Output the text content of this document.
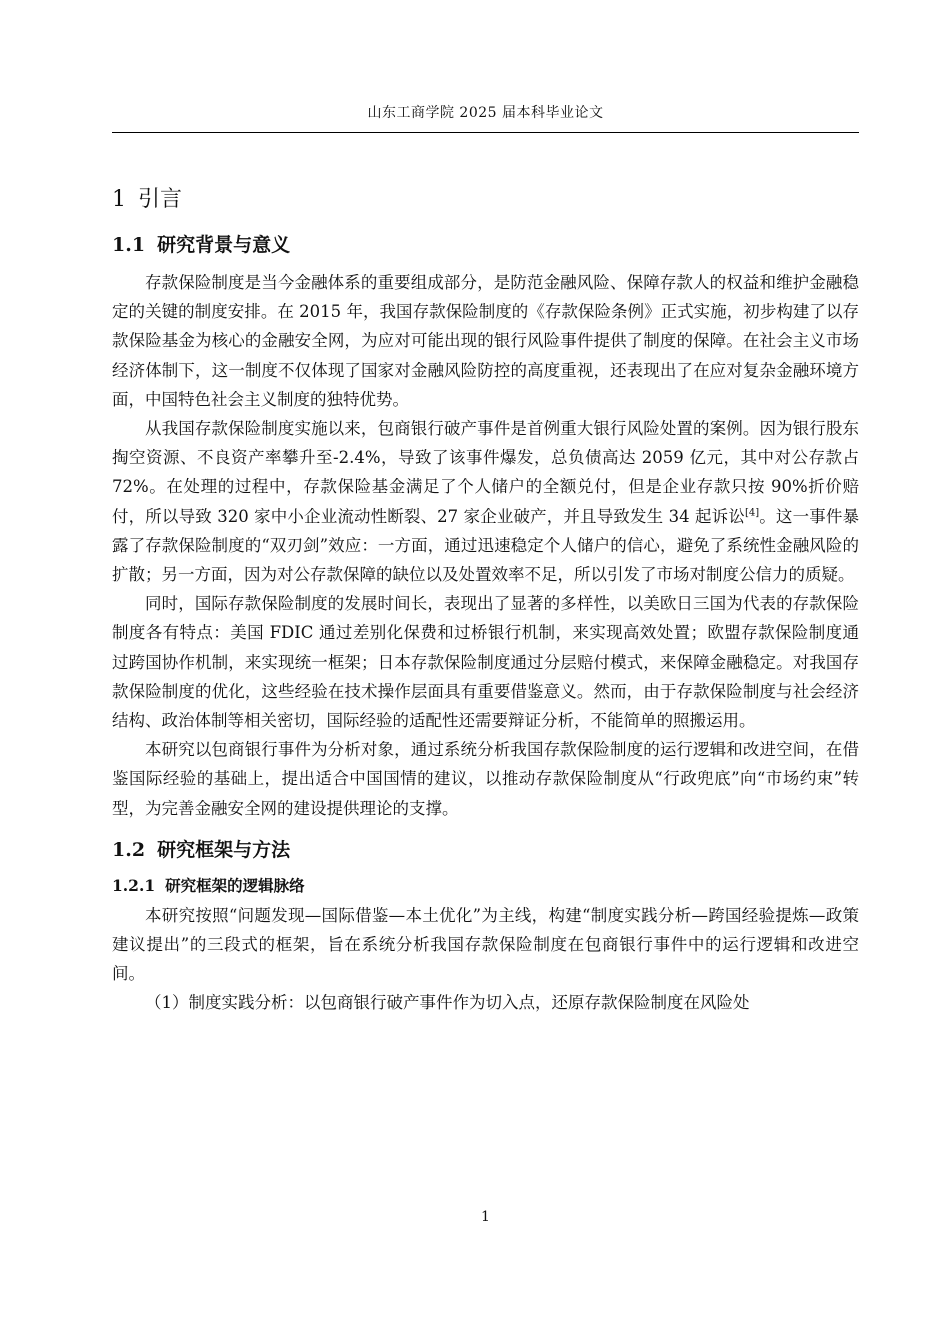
山东工商学院 2025 届本科毕业论文
1 引言
1.1 研究背景与意义

存款保险制度是当今金融体系的重要组成部分，是防范金融风险、保障存款人的权益和维护金融稳定的关键的制度安排。在 2015 年，我国存款保险制度的《存款保险条例》正式实施，初步构建了以存款保险基金为核心的金融安全网，为应对可能出现的银行风险事件提供了制度的保障。在社会主义市场经济体制下，这一制度不仅体现了国家对金融风险防控的高度重视，还表现出了在应对复杂金融环境方面，中国特色社会主义制度的独特优势。

从我国存款保险制度实施以来，包商银行破产事件是首例重大银行风险处置的案例。因为银行股东掏空资源、不良资产率攀升至-2.4%，导致了该事件爆发，总负债高达 2059 亿元，其中对公存款占 72%。在处理的过程中，存款保险基金满足了个人储户的全额兑付，但是企业存款只按 90%折价赔付，所以导致 320 家中小企业流动性断裂、27 家企业破产，并且导致发生 34 起诉讼[4]。这一事件暴露了存款保险制度的“双刃剑”效应：一方面，通过迅速稳定个人储户的信心，避免了系统性金融风险的扩散；另一方面，因为对公存款保障的缺位以及处置效率不足，所以引发了市场对制度公信力的质疑。

同时，国际存款保险制度的发展时间长，表现出了显著的多样性，以美欧日三国为代表的存款保险制度各有特点：美国 FDIC 通过差别化保费和过桥银行机制，来实现高效处置；欧盟存款保险制度通过跨国协作机制，来实现统一框架；日本存款保险制度通过分层赔付模式，来保障金融稳定。对我国存款保险制度的优化，这些经验在技术操作层面具有重要借鉴意义。然而，由于存款保险制度与社会经济结构、政治体制等相关密切，国际经验的适配性还需要辩证分析，不能简单的照搬运用。

本研究以包商银行事件为分析对象，通过系统分析我国存款保险制度的运行逻辑和改进空间，在借鉴国际经验的基础上，提出适合中国国情的建议，以推动存款保险制度从“行政兜底”向“市场约束”转型，为完善金融安全网的建设提供理论的支撑。

1.2 研究框架与方法
1.2.1 研究框架的逻辑脉络

本研究按照“问题发现—国际借鉴—本土优化”为主线，构建“制度实践分析—跨国经验提炼—政策建议提出”的三段式的框架，旨在系统分析我国存款保险制度在包商银行事件中的运行逻辑和改进空间。

（1）制度实践分析：以包商银行破产事件作为切入点，还原存款保险制度在风险处

1
